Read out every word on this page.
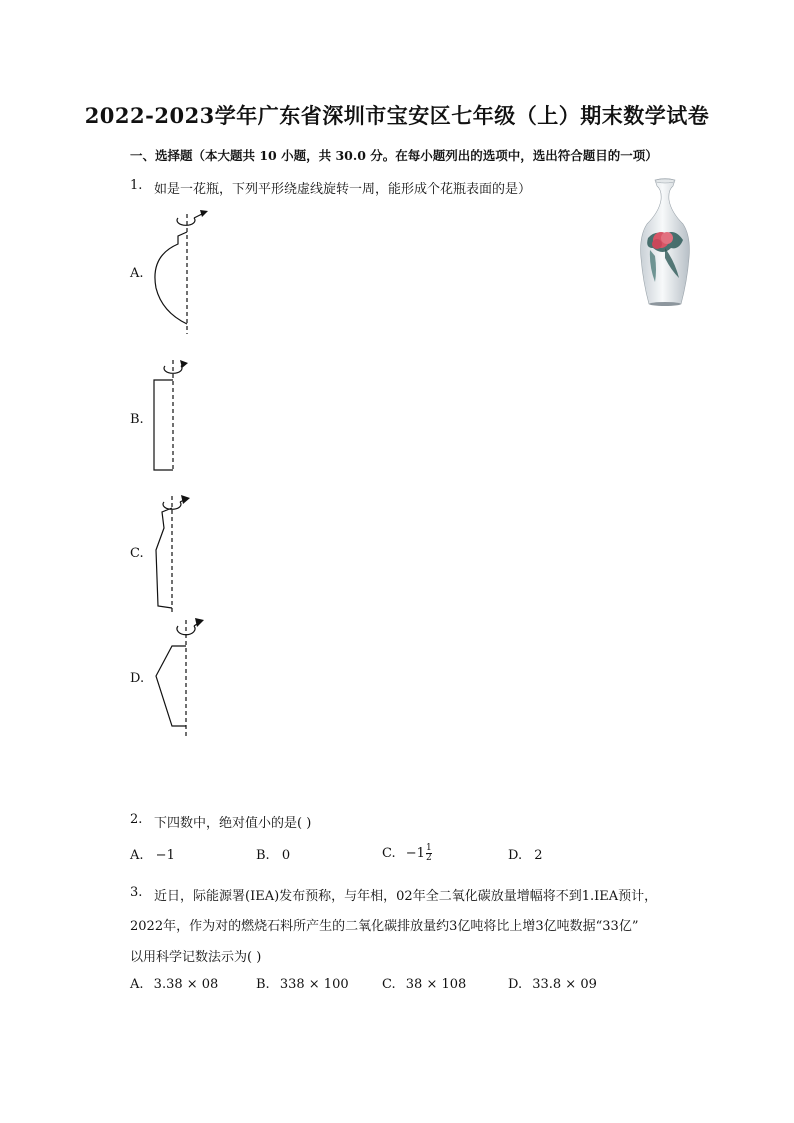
2022-2023学年广东省深圳市宝安区七年级（上）期末数学试卷
一、选择题（本大题共 10 小题，共 30.0 分。在每小题列出的选项中，选出符合题目的一项）
1. 如是一花瓶，下列平形绕虚线旋转一周，能形成个花瓶表面的是）
A.
B.
C.
D.
2. 下四数中，绝对值小的是( )
A. −1	B. 0	C. $-1 \frac{1}{2}$	D. 2
3. 近日，际能源署(IEA)发布预称，与年相，02年全二氧化碳放量增幅将不到1.IEA预计，
2022年，作为对的燃烧石料所产生的二氧化碳排放量约3亿吨将比上增3亿吨数据“33亿”
以用科学记数法示为( )
A. 3.38 × 08	B. 338 × 100	C. 38 × 108	D. 33.8 × 09
